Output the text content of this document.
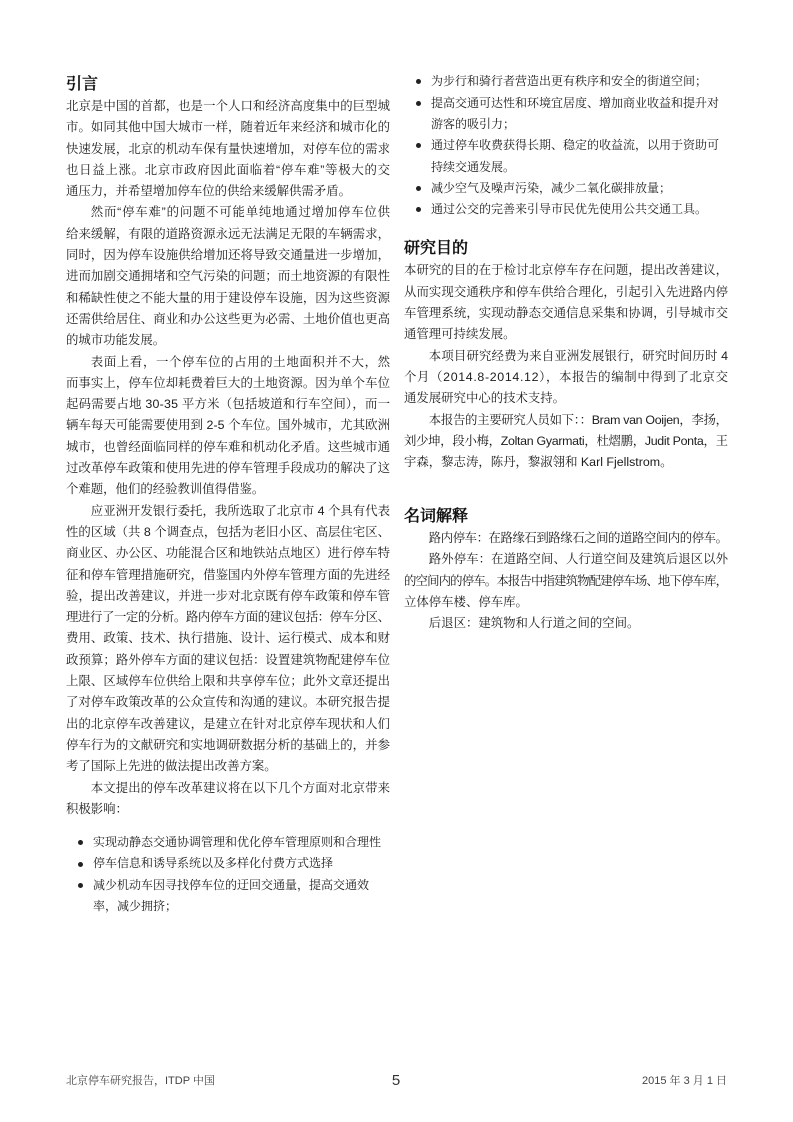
引言
北京是中国的首都，也是一个人口和经济高度集中的巨型城
市。如同其他中国大城市一样，随着近年来经济和城市化的
快速发展，北京的机动车保有量快速增加，对停车位的需求
也日益上涨。北京市政府因此面临着“停车难”等极大的交
通压力，并希望增加停车位的供给来缓解供需矛盾。
然而“停车难”的问题不可能单纯地通过增加停车位供
给来缓解，有限的道路资源永远无法满足无限的车辆需求，
同时，因为停车设施供给增加还将导致交通量进一步增加，
进而加剧交通拥堵和空气污染的问题；而土地资源的有限性
和稀缺性使之不能大量的用于建设停车设施，因为这些资源
还需供给居住、商业和办公这些更为必需、土地价值也更高
的城市功能发展。
表面上看，一个停车位的占用的土地面积并不大，然
而事实上，停车位却耗费着巨大的土地资源。因为单个车位
起码需要占地 30-35 平方米（包括坡道和行车空间），而一
辆车每天可能需要使用到 2-5 个车位。国外城市，尤其欧洲
城市，也曾经面临同样的停车难和机动化矛盾。这些城市通
过改革停车政策和使用先进的停车管理手段成功的解决了这
个难题，他们的经验教训值得借鉴。
应亚洲开发银行委托，我所选取了北京市 4 个具有代表
性的区域（共 8 个调查点，包括为老旧小区、高层住宅区、
商业区、办公区、功能混合区和地铁站点地区）进行停车特
征和停车管理措施研究，借鉴国内外停车管理方面的先进经
验，提出改善建议，并进一步对北京既有停车政策和停车管
理进行了一定的分析。路内停车方面的建议包括：停车分区、
费用、政策、技术、执行措施、设计、运行模式、成本和财
政预算；路外停车方面的建议包括：设置建筑物配建停车位
上限、区域停车位供给上限和共享停车位；此外文章还提出
了对停车政策改革的公众宣传和沟通的建议。本研究报告提
出的北京停车改善建议，是建立在针对北京停车现状和人们
停车行为的文献研究和实地调研数据分析的基础上的，并参
考了国际上先进的做法提出改善方案。
本文提出的停车改革建议将在以下几个方面对北京带来
积极影响：
实现动静态交通协调管理和优化停车管理原则和合理性
停车信息和诱导系统以及多样化付费方式选择
减少机动车因寻找停车位的迂回交通量，提高交通效
率，减少拥挤；
为步行和骑行者营造出更有秩序和安全的街道空间；
提高交通可达性和环境宜居度、增加商业收益和提升对
游客的吸引力；
通过停车收费获得长期、稳定的收益流，以用于资助可
持续交通发展。
减少空气及噪声污染，减少二氧化碳排放量；
通过公交的完善来引导市民优先使用公共交通工具。
研究目的
本研究的目的在于检讨北京停车存在问题，提出改善建议，
从而实现交通秩序和停车供给合理化，引起引入先进路内停
车管理系统，实现动静态交通信息采集和协调，引导城市交
通管理可持续发展。
本项目研究经费为来自亚洲发展银行，研究时间历时 4
个月（2014.8-2014.12），本报告的编制中得到了北京交
通发展研究中心的技术支持。
本报告的主要研究人员如下：：Bram van Ooijen，李扬，
刘少坤，段小梅，Zoltan Gyarmati，杜熠鹏，Judit Ponta，王
宇森，黎志涛，陈丹，黎淑翎和 Karl Fjellstrom。
名词解释
路内停车：在路缘石到路缘石之间的道路空间内的停车。
路外停车：在道路空间、人行道空间及建筑后退区以外
的空间内的停车。本报告中指建筑物配建停车场、地下停车库，
立体停车楼、停车库。
后退区：建筑物和人行道之间的空间。
北京停车研究报告，ITDP 中国	5	2015 年 3 月 1 日
